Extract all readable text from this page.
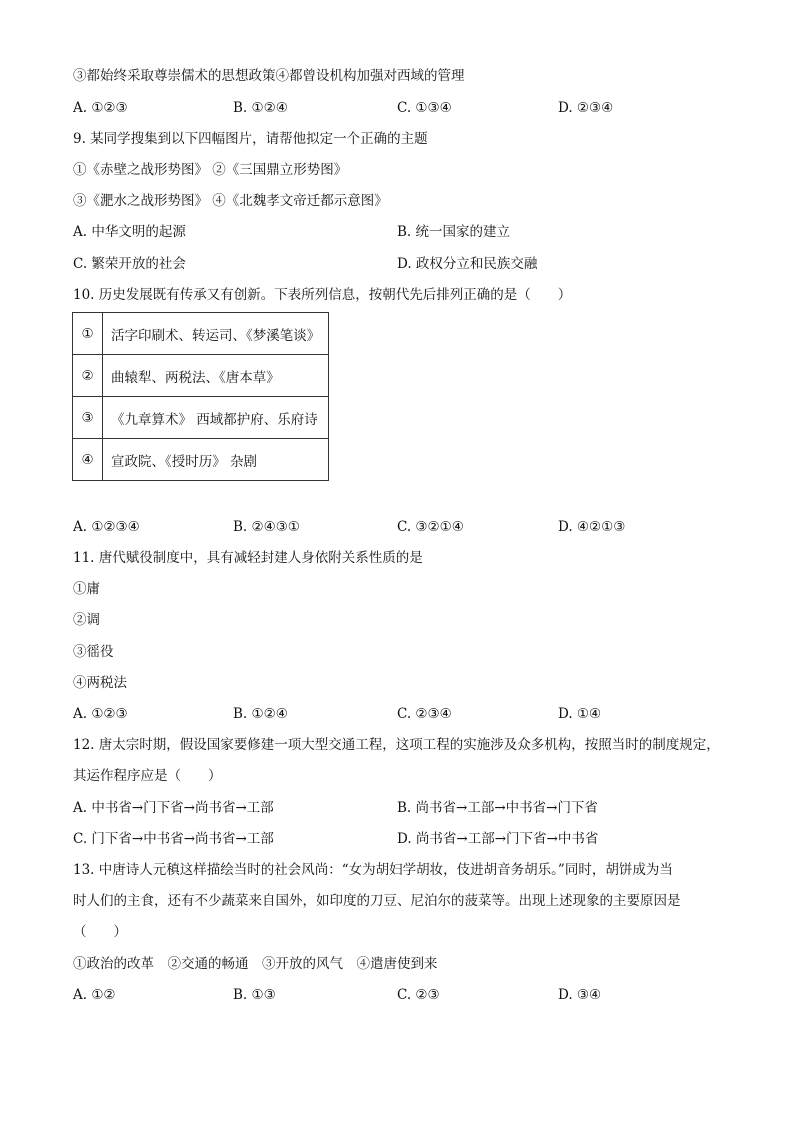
③都始终采取尊崇儒术的思想政策④都曾设机构加强对西域的管理
A. ①②③	B. ①②④	C. ①③④	D. ②③④
9. 某同学搜集到以下四幅图片，请帮他拟定一个正确的主题
①《赤壁之战形势图》 ②《三国鼎立形势图》
③《淝水之战形势图》 ④《北魏孝文帝迁都示意图》
A. 中华文明的起源	B. 统一国家的建立
C. 繁荣开放的社会	D. 政权分立和民族交融
10. 历史发展既有传承又有创新。下表所列信息，按朝代先后排列正确的是（　　）
①	活字印刷术、转运司、《梦溪笔谈》
②	曲辕犁、两税法、《唐本草》
③	《九章算术》 西域都护府、乐府诗
④	宣政院、《授时历》 杂剧
A. ①②③④	B. ②④③①	C. ③②①④	D. ④②①③
11. 唐代赋役制度中，具有减轻封建人身依附关系性质的是
①庸
②调
③徭役
④两税法
A. ①②③	B. ①②④	C. ②③④	D. ①④
12. 唐太宗时期，假设国家要修建一项大型交通工程，这项工程的实施涉及众多机构，按照当时的制度规定，
其运作程序应是（　　）
A. 中书省→门下省→尚书省→工部	B. 尚书省→工部→中书省→门下省
C. 门下省→中书省→尚书省→工部	D. 尚书省→工部→门下省→中书省
13. 中唐诗人元稹这样描绘当时的社会风尚：“女为胡妇学胡妆，伎进胡音务胡乐。”同时，胡饼成为当
时人们的主食，还有不少蔬菜来自国外，如印度的刀豆、尼泊尔的菠菜等。出现上述现象的主要原因是
（　　）
①政治的改革　②交通的畅通　③开放的风气　④遣唐使到来
A. ①②	B. ①③	C. ②③	D. ③④
